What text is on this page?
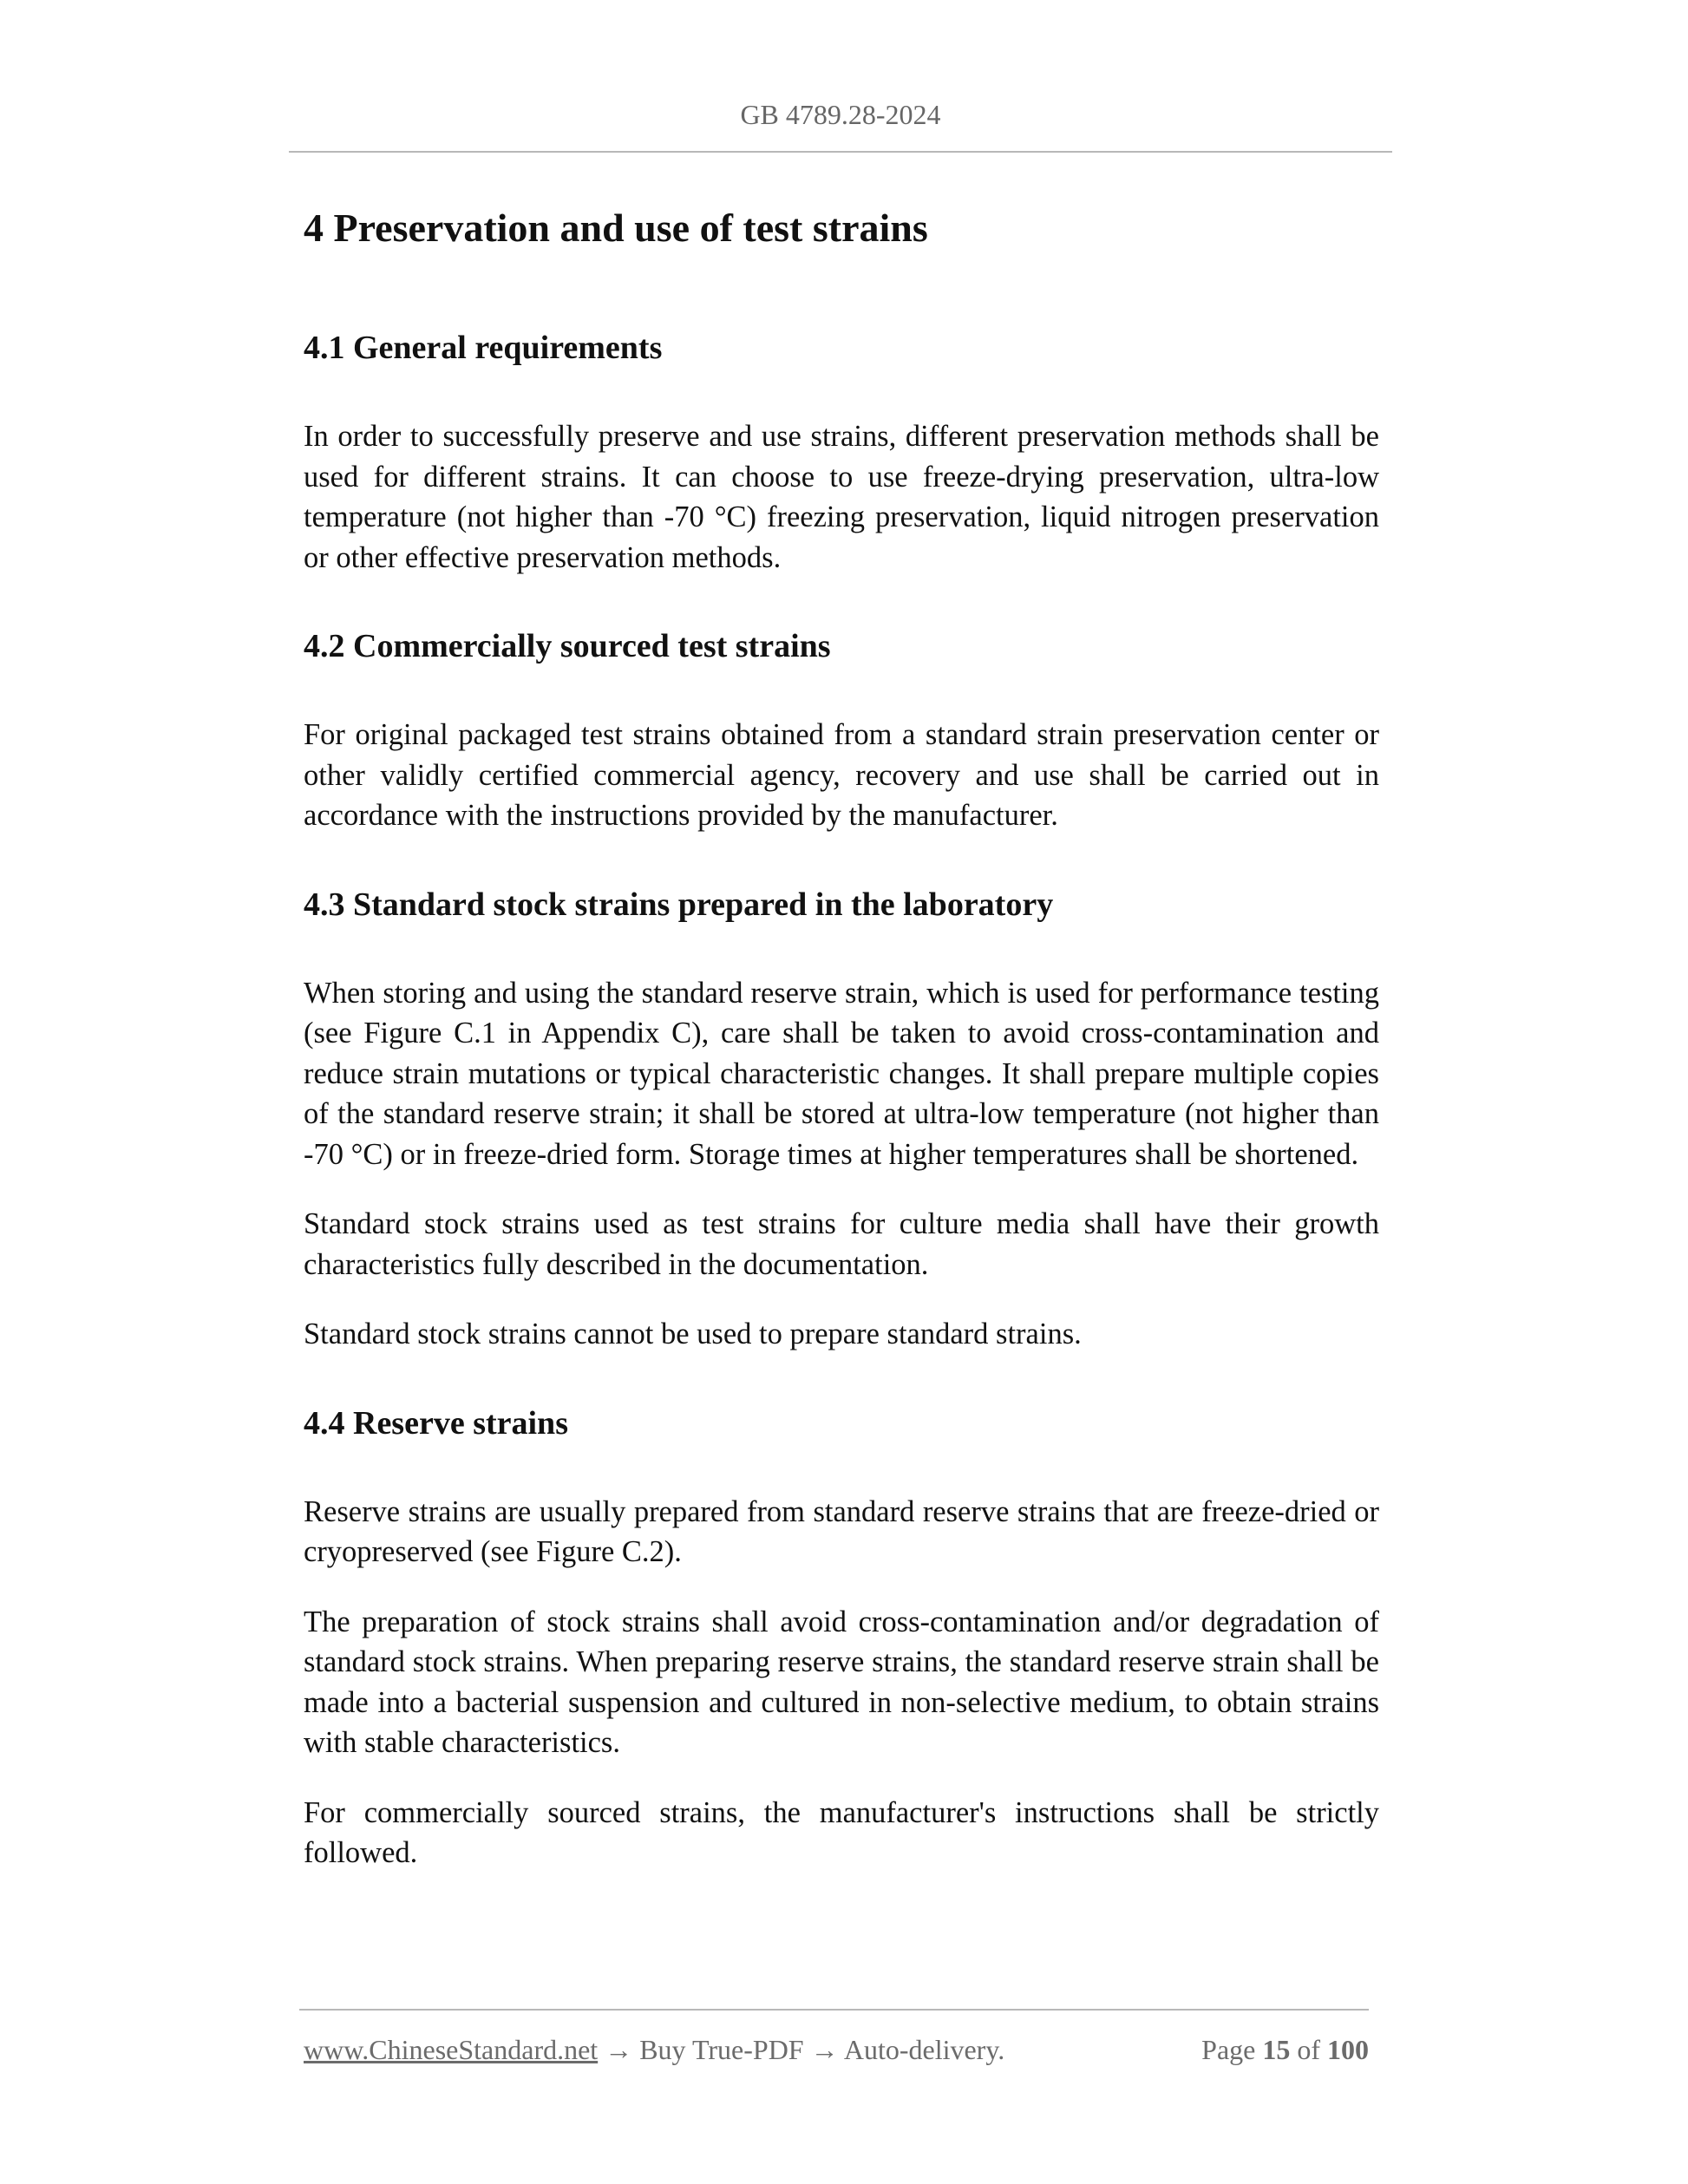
GB 4789.28-2024
4 Preservation and use of test strains
4.1 General requirements

In order to successfully preserve and use strains, different preservation methods shall be used for different strains. It can choose to use freeze-drying preservation, ultra-low temperature (not higher than -70 °C) freezing preservation, liquid nitrogen preservation or other effective preservation methods.

4.2 Commercially sourced test strains

For original packaged test strains obtained from a standard strain preservation center or other validly certified commercial agency, recovery and use shall be carried out in accordance with the instructions provided by the manufacturer.

4.3 Standard stock strains prepared in the laboratory

When storing and using the standard reserve strain, which is used for performance testing (see Figure C.1 in Appendix C), care shall be taken to avoid cross-contamination and reduce strain mutations or typical characteristic changes. It shall prepare multiple copies of the standard reserve strain; it shall be stored at ultra-low temperature (not higher than -70 °C) or in freeze-dried form. Storage times at higher temperatures shall be shortened.

Standard stock strains used as test strains for culture media shall have their growth characteristics fully described in the documentation.

Standard stock strains cannot be used to prepare standard strains.

4.4 Reserve strains

Reserve strains are usually prepared from standard reserve strains that are freeze-dried or cryopreserved (see Figure C.2).

The preparation of stock strains shall avoid cross-contamination and/or degradation of standard stock strains. When preparing reserve strains, the standard reserve strain shall be made into a bacterial suspension and cultured in non-selective medium, to obtain strains with stable characteristics.

For commercially sourced strains, the manufacturer's instructions shall be strictly followed.

www.ChineseStandard.net → Buy True-PDF → Auto-delivery.	Page 15 of 100
